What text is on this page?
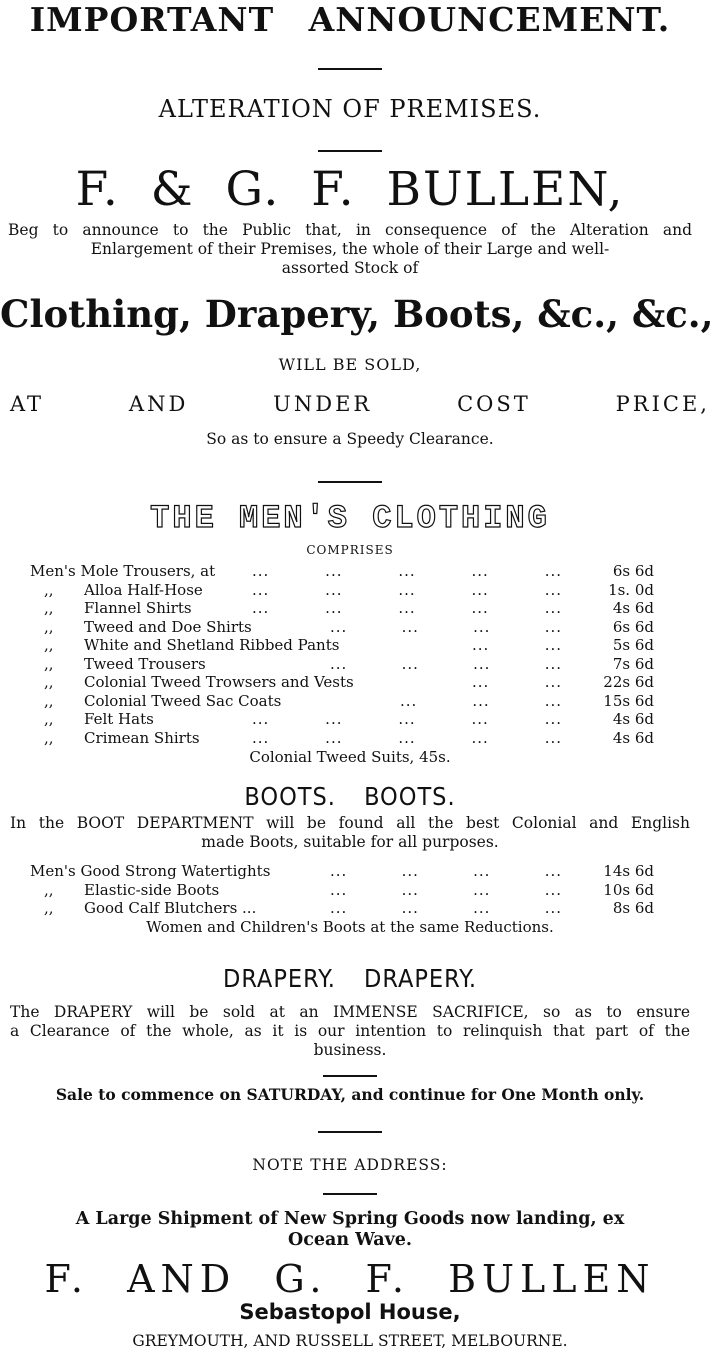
IMPORTANT ANNOUNCEMENT.
ALTERATION OF PREMISES.
F. & G. F. BULLEN,
Beg to announce to the Public that, in consequence of the Alteration and
Enlargement of their Premises, the whole of their Large and well-
assorted Stock of
Clothing, Drapery, Boots, &c., &c.,
WILL BE SOLD,
AT	AND	UNDER	COST	PRICE,
So as to ensure a Speedy Clearance.
THE MEN'S CLOTHING
COMPRISES
Men's Mole Trousers, at ...	...	...	...	...	6s 6d
,, Alloa Half-Hose	...	...	...	...	...	1s. 0d
,, Flannel Shirts	...	...	...	...	...	4s 6d
,, Tweed and Doe Shirts	...	...	...	...	6s 6d
,, White and Shetland Ribbed Pants	...	...	5s 6d
,, Tweed Trousers	...	...	...	...	7s 6d
,, Colonial Tweed Trowsers and Vests	...	...	22s 6d
,, Colonial Tweed Sac Coats	...	...	...	15s 6d
,, Felt Hats	...	...	...	...	...	4s 6d
,, Crimean Shirts	...	...	...	...	...	4s 6d
Colonial Tweed Suits, 45s.
BOOTS. BOOTS.
In the BOOT DEPARTMENT will be found all the best Colonial and English
made Boots, suitable for all purposes.
Men's Good Strong Watertights	...	...	...	...	14s 6d
,, Elastic-side Boots	...	...	...	...	10s 6d
,, Good Calf Blutchers ...	...	...	...	...	8s 6d
Women and Children's Boots at the same Reductions.
DRAPERY. DRAPERY.
The DRAPERY will be sold at an IMMENSE SACRIFICE, so as to ensure
a Clearance of the whole, as it is our intention to relinquish that part of the
business.
Sale to commence on SATURDAY, and continue for One Month only.
NOTE THE ADDRESS:
A Large Shipment of New Spring Goods now landing, ex
Ocean Wave.
F. AND G. F. BULLEN
Sebastopol House,
GREYMOUTH, AND RUSSELL STREET, MELBOURNE.
